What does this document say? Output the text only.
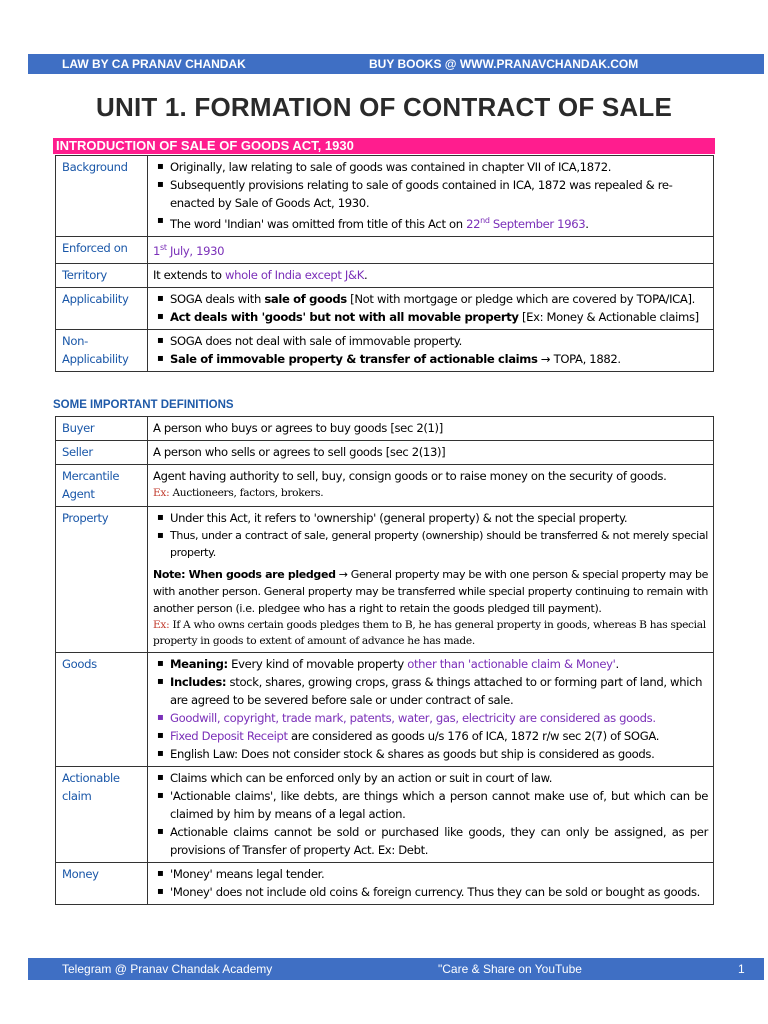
LAW BY CA PRANAV CHANDAK	BUY BOOKS @ WWW.PRANAVCHANDAK.COM
UNIT 1. FORMATION OF CONTRACT OF SALE
INTRODUCTION OF SALE OF GOODS ACT, 1930
Background	▪ Originally, law relating to sale of goods was contained in chapter VII of ICA,1872.
▪ Subsequently provisions relating to sale of goods contained in ICA, 1872 was repealed & re-enacted by Sale of Goods Act, 1930.
▪ The word 'Indian' was omitted from title of this Act on 22nd September 1963.

Enforced on	1st July, 1930
Territory	It extends to whole of India except J&K.
Applicability	▪ SOGA deals with sale of goods [Not with mortgage or pledge which are covered by TOPA/ICA].
▪ Act deals with 'goods' but not with all movable property [Ex: Money & Actionable claims]

Non-Applicability	▪ SOGA does not deal with sale of immovable property.
▪ Sale of immovable property & transfer of actionable claims → TOPA, 1882.
SOME IMPORTANT DEFINITIONS
Buyer	A person who buys or agrees to buy goods [sec 2(1)]
Seller	A person who sells or agrees to sell goods [sec 2(13)]
Mercantile Agent	Agent having authority to sell, buy, consign goods or to raise money on the security of goods.
Ex: Auctioneers, factors, brokers.

Property	▪ Under this Act, it refers to 'ownership' (general property) & not the special property.
▪ Thus, under a contract of sale, general property (ownership) should be transferred & not merely special property.
Note: When goods are pledged → General property may be with one person & special property may be with another person. General property may be transferred while special property continuing to remain with another person (i.e. pledgee who has a right to retain the goods pledged till payment).
Ex: If A who owns certain goods pledges them to B, he has general property in goods, whereas B has special property in goods to extent of amount of advance he has made.

Goods	▪ Meaning: Every kind of movable property other than 'actionable claim & Money'.
▪ Includes: stock, shares, growing crops, grass & things attached to or forming part of land, which are agreed to be severed before sale or under contract of sale.
▪ Goodwill, copyright, trade mark, patents, water, gas, electricity are considered as goods.
▪ Fixed Deposit Receipt are considered as goods u/s 176 of ICA, 1872 r/w sec 2(7) of SOGA.
▪ English Law: Does not consider stock & shares as goods but ship is considered as goods.

Actionable claim	▪ Claims which can be enforced only by an action or suit in court of law.
▪ 'Actionable claims', like debts, are things which a person cannot make use of, but which can be claimed by him by means of a legal action.
▪ Actionable claims cannot be sold or purchased like goods, they can only be assigned, as per provisions of Transfer of property Act. Ex: Debt.

Money	▪ 'Money' means legal tender.
▪ 'Money' does not include old coins & foreign currency. Thus they can be sold or bought as goods.
Telegram @ Pranav Chandak Academy	"Care & Share on YouTube	1
